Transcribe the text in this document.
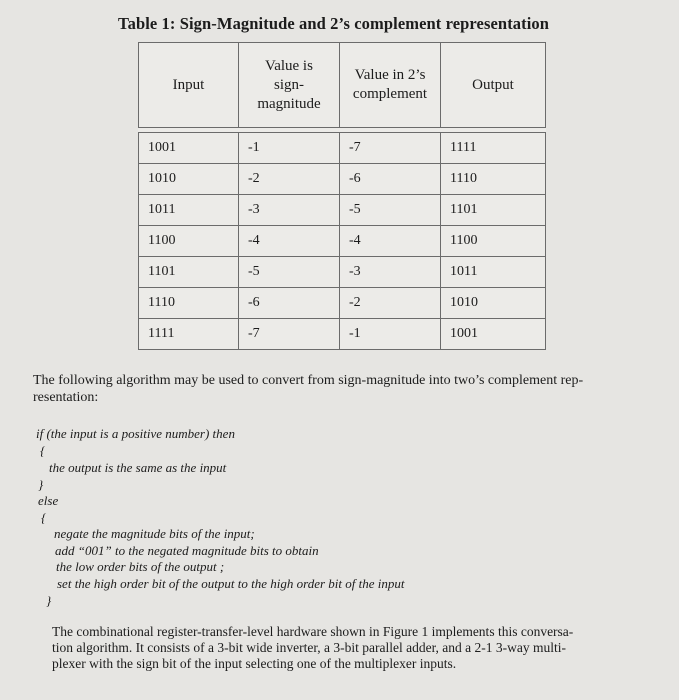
Table 1: Sign-Magnitude and 2’s complement representation
Input	Value is
sign-
magnitude	Value in 2’s
complement	Output

1001	-1	-7	1111
1010	-2	-6	1110
1011	-3	-5	1101
1100	-4	-4	1100
1101	-5	-3	1011
1110	-6	-2	1010
1111	-7	-1	1001
The following algorithm may be used to convert from sign-magnitude into two’s complement rep-
resentation:
if (the input is a positive number) then
{
the output is the same as the input
}
else
{
negate the magnitude bits of the input;
add “001” to the negated magnitude bits to obtain
the low order bits of the output ;
set the high order bit of the output to the high order bit of the input
}
The combinational register-transfer-level hardware shown in Figure 1 implements this conversa-
tion algorithm. It consists of a 3-bit wide inverter, a 3-bit parallel adder, and a 2-1 3-way multi-
plexer with the sign bit of the input selecting one of the multiplexer inputs.
